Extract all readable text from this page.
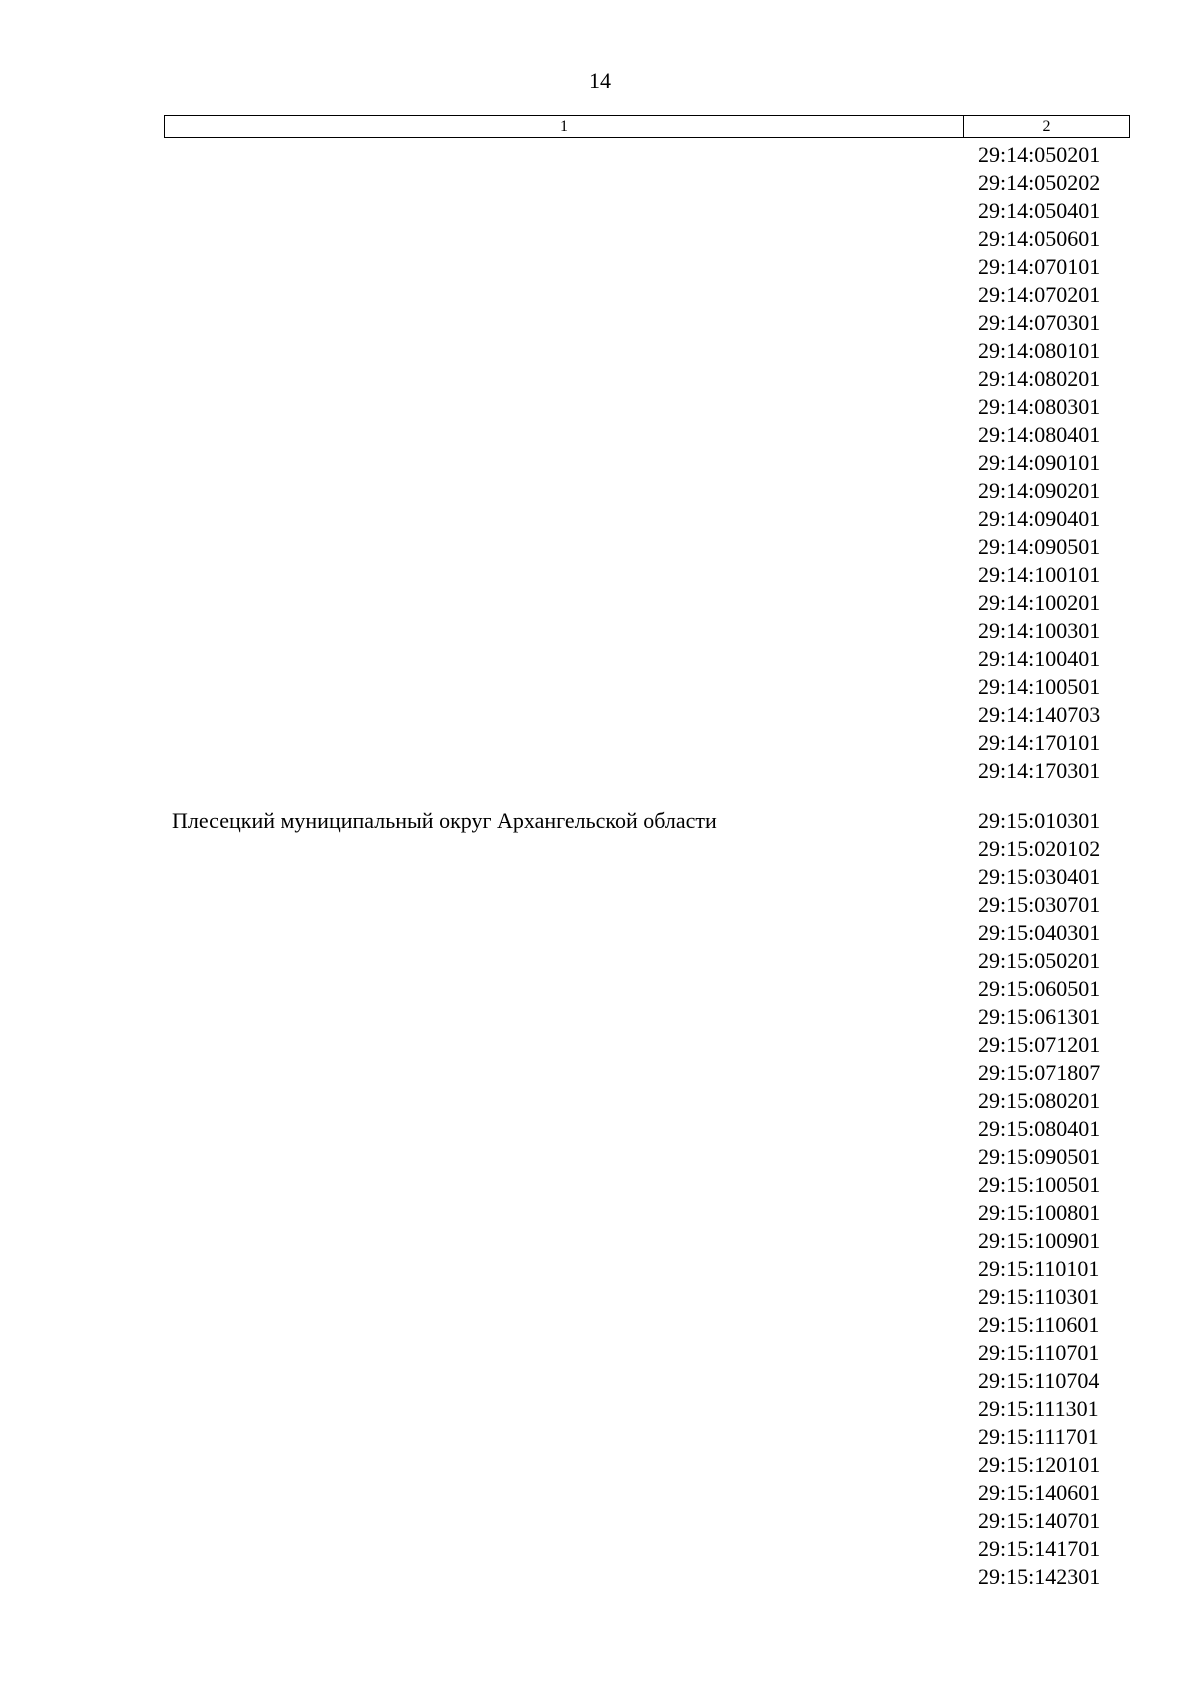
14
1	2
29:14:050201
29:14:050202
29:14:050401
29:14:050601
29:14:070101
29:14:070201
29:14:070301
29:14:080101
29:14:080201
29:14:080301
29:14:080401
29:14:090101
29:14:090201
29:14:090401
29:14:090501
29:14:100101
29:14:100201
29:14:100301
29:14:100401
29:14:100501
29:14:140703
29:14:170101
29:14:170301
Плесецкий муниципальный округ Архангельской области	29:15:010301
29:15:020102
29:15:030401
29:15:030701
29:15:040301
29:15:050201
29:15:060501
29:15:061301
29:15:071201
29:15:071807
29:15:080201
29:15:080401
29:15:090501
29:15:100501
29:15:100801
29:15:100901
29:15:110101
29:15:110301
29:15:110601
29:15:110701
29:15:110704
29:15:111301
29:15:111701
29:15:120101
29:15:140601
29:15:140701
29:15:141701
29:15:142301
